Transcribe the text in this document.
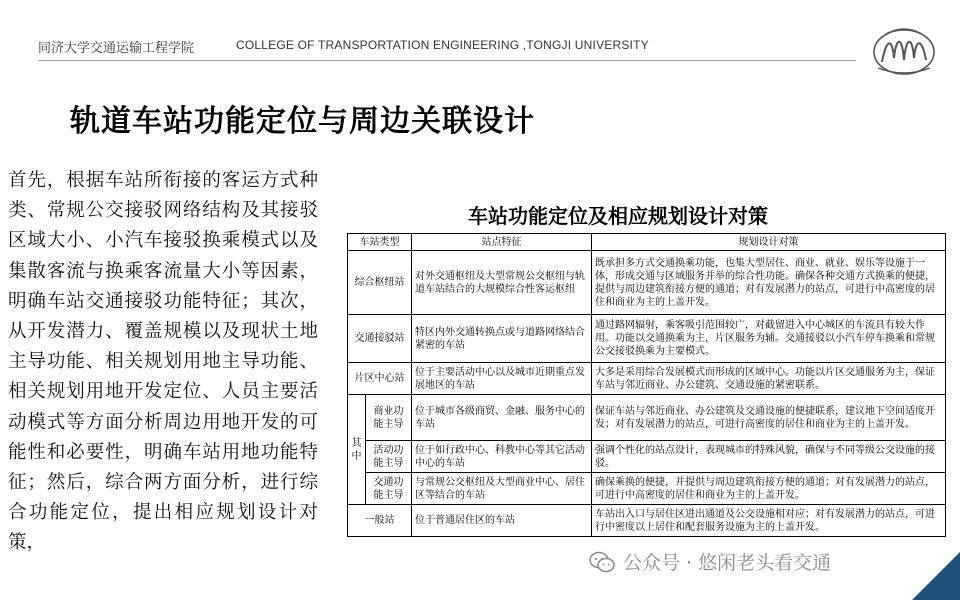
同济大学交通运输工程学院	COLLEGE OF TRANSPORTATION ENGINEERING ,TONGJI UNIVERSITY
轨道车站功能定位与周边关联设计
首先，根据车站所衔接的客运方式种类、常规公交接驳网络结构及其接驳区域大小、小汽车接驳换乘模式以及集散客流与换乘客流量大小等因素，明确车站交通接驳功能特征；其次，从开发潜力、覆盖规模以及现状土地主导功能、相关规划用地主导功能、相关规划用地开发定位、人员主要活动模式等方面分析周边用地开发的可能性和必要性，明确车站用地功能特征；然后，综合两方面分析，进行综合功能定位，提出相应规划设计对策，
车站功能定位及相应规划设计对策
车站类型		站点特征	规划设计对策
综合枢纽站		对外交通枢纽及大型常规公交枢纽与轨道车站结合的大规模综合性客运枢纽	既承担多方式交通换乘功能，也集大型居住、商业、就业、娱乐等设施于一体，形成交通与区域服务并举的综合性功能。确保各种交通方式换乘的便捷，提供与周边建筑衔接方便的通道；对有发展潜力的站点，可进行中高密度的居住和商业为主的上盖开发。
交通接驳站		特区内外交通转换点或与道路网络结合紧密的车站	通过路网辐射，乘客吸引范围较广，对截留进入中心城区的车流具有较大作用。功能以交通换乘为主，片区服务为辅。交通接驳以小汽车停车换乘和常规公交接驳换乘为主要模式。
片区中心站		位于主要活动中心以及城市近期重点发展地区的车站	大多是采用综合发展模式而形成的区域中心。功能以片区交通服务为主，保证车站与邻近商业、办公建筑、交通设施的紧密联系。
其中	商业功能主导	位于城市各级商贸、金融、服务中心的车站	保证车站与邻近商业、办公建筑及交通设施的便捷联系，建议地下空间适度开发；对有发展潜力的站点，可进行高密度的居住和商业为主的上盖开发。
	活动功能主导	位于如行政中心、科教中心等其它活动中心的车站	强调个性化的站点设计，表现城市的特殊风貌，确保与不同等级公交设施的接驳。
	交通功能主导	与常规公交枢纽及大型商业中心、居住区等结合的车站	确保乘换的便捷，并提供与周边建筑衔接方便的通道；对有发展潜力的站点，可进行中高密度的居住和商业为主的上盖开发。
一般站		位于普通居住区的车站	车站出入口与居住区进出通道及公交设施相对应；对有发展潜力的站点，可进行中密度以上居住和配套服务设施为主的上盖开发。
公众号 · 悠闲老头看交通
